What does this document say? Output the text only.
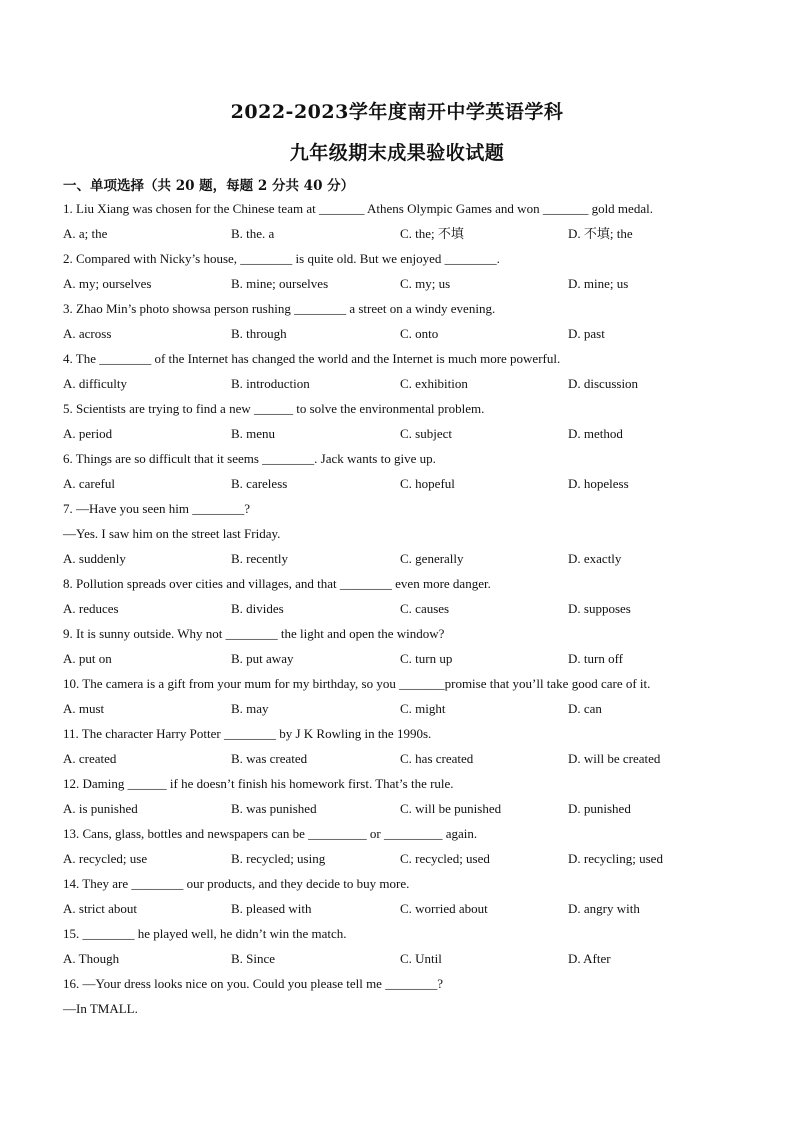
2022-2023学年度南开中学英语学科
九年级期末成果验收试题
一、单项选择（共 20 题，每题 2 分共 40 分）
1. Liu Xiang was chosen for the Chinese team at _______ Athens Olympic Games and won _______ gold medal.
A. a; the	B. the. a	C. the; 不填	D. 不填; the
2. Compared with Nicky’s house, ________ is quite old. But we enjoyed ________.
A. my; ourselves	B. mine; ourselves	C. my; us	D. mine; us
3. Zhao Min’s photo showsa person rushing ________ a street on a windy evening.
A. across	B. through	C. onto	D. past
4. The ________ of the Internet has changed the world and the Internet is much more powerful.
A. difficulty	B. introduction	C. exhibition	D. discussion
5. Scientists are trying to find a new ______ to solve the environmental problem.
A. period	B. menu	C. subject	D. method
6. Things are so difficult that it seems ________. Jack wants to give up.
A. careful	B. careless	C. hopeful	D. hopeless
7. —Have you seen him ________?
—Yes. I saw him on the street last Friday.
A. suddenly	B. recently	C. generally	D. exactly
8. Pollution spreads over cities and villages, and that ________ even more danger.
A. reduces	B. divides	C. causes	D. supposes
9. It is sunny outside. Why not ________ the light and open the window?
A. put on	B. put away	C. turn up	D. turn off
10. The camera is a gift from your mum for my birthday, so you _______promise that you’ll take good care of it.
A. must	B. may	C. might	D. can
11. The character Harry Potter ________ by J K Rowling in the 1990s.
A. created	B. was created	C. has created	D. will be created
12. Daming ______ if he doesn’t finish his homework first. That’s the rule.
A. is punished	B. was punished	C. will be punished	D. punished
13. Cans, glass, bottles and newspapers can be _________ or _________ again.
A. recycled; use	B. recycled; using	C. recycled; used	D. recycling; used
14. They are ________ our products, and they decide to buy more.
A. strict about	B. pleased with	C. worried about	D. angry with
15. ________ he played well, he didn’t win the match.
A. Though	B. Since	C. Until	D. After
16. —Your dress looks nice on you. Could you please tell me ________?
—In TMALL.
